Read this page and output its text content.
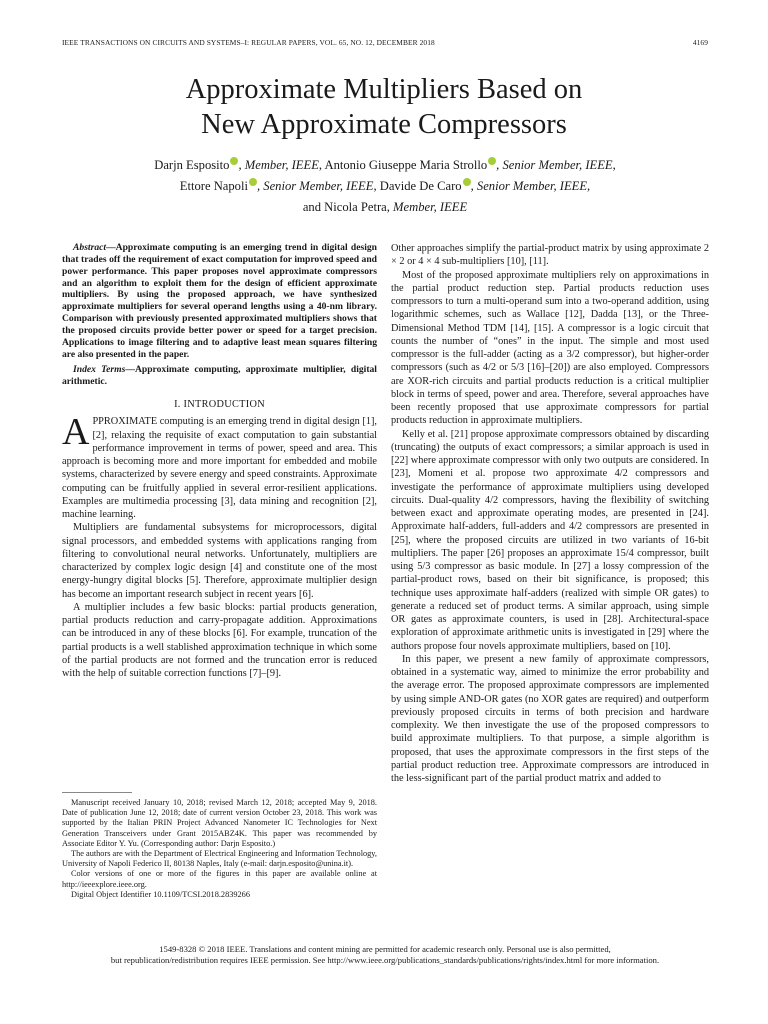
IEEE TRANSACTIONS ON CIRCUITS AND SYSTEMS–I: REGULAR PAPERS, VOL. 65, NO. 12, DECEMBER 2018	4169
Approximate Multipliers Based on
New Approximate Compressors
Darjn Esposito , Member, IEEE, Antonio Giuseppe Maria Strollo , Senior Member, IEEE,
Ettore Napoli , Senior Member, IEEE, Davide De Caro , Senior Member, IEEE,
and Nicola Petra, Member, IEEE

Abstract—Approximate computing is an emerging trend in digital design that trades off the requirement of exact computation for improved speed and power performance. This paper proposes novel approximate compressors and an algorithm to exploit them for the design of efficient approximate multipliers. By using the proposed approach, we have synthesized approximate multipliers for several operand lengths using a 40-nm library. Comparison with previously presented approximated multipliers shows that the proposed circuits provide better power or speed for a target precision. Applications to image filtering and to adaptive least mean squares filtering are also presented in the paper.

Index Terms—Approximate computing, approximate multiplier, digital arithmetic.

I. INTRODUCTION

APPROXIMATE computing is an emerging trend in digital design [1], [2], relaxing the requisite of exact computation to gain substantial performance improvement in terms of power, speed and area. This approach is becoming more and more important for embedded and mobile systems, characterized by severe energy and speed constraints. Approximate computing can be fruitfully applied in several error-resilient applications. Examples are multimedia processing [3], data mining and recognition [2], machine learning.

Multipliers are fundamental subsystems for microprocessors, digital signal processors, and embedded systems with applications ranging from filtering to convolutional neural networks. Unfortunately, multipliers are characterized by complex logic design [4] and constitute one of the most energy-hungry digital blocks [5]. Therefore, approximate multiplier design has become an important research subject in recent years [6].

A multiplier includes a few basic blocks: partial products generation, partial products reduction and carry-propagate addition. Approximations can be introduced in any of these blocks [6]. For example, truncation of the partial products is a well stablished approximation technique in which some of the partial products are not formed and the truncation error is reduced with the help of suitable correction functions [7]–[9].

Manuscript received January 10, 2018; revised March 12, 2018; accepted May 9, 2018. Date of publication June 12, 2018; date of current version October 23, 2018. This work was supported by the Italian PRIN Project Advanced Nanometer IC Technologies for Next Generation Transceivers under Grant 2015ABZ4K. This paper was recommended by Associate Editor Y. Yu. (Corresponding author: Darjn Esposito.)

The authors are with the Department of Electrical Engineering and Information Technology, University of Napoli Federico II, 80138 Naples, Italy (e-mail: darjn.esposito@unina.it).

Color versions of one or more of the figures in this paper are available online at http://ieeexplore.ieee.org.

Digital Object Identifier 10.1109/TCSI.2018.2839266

Other approaches simplify the partial-product matrix by using approximate 2 × 2 or 4 × 4 sub-multipliers [10], [11].

Most of the proposed approximate multipliers rely on approximations in the partial product reduction step. Partial products reduction uses compressors to turn a multi-operand sum into a two-operand addition, using logarithmic schemes, such as Wallace [12], Dadda [13], or the Three-Dimensional Method TDM [14], [15]. A compressor is a logic circuit that counts the number of “ones” in the input. The simple and most used compressor is the full-adder (acting as a 3/2 compressor), but higher-order compressors (such as 4/2 or 5/3 [16]–[20]) are also employed. Compressors are XOR-rich circuits and partial products reduction is a critical multiplier block in terms of speed, power and area. Therefore, several approaches have been recently proposed that use approximate compressors for partial products reduction in approximate multipliers.

Kelly et al. [21] propose approximate compressors obtained by discarding (truncating) the outputs of exact compressors; a similar approach is used in [22] where approximate compressor with only two outputs are considered. In [23], Momeni et al. propose two approximate 4/2 compressors and investigate the performance of approximate multipliers using developed circuits. Dual-quality 4/2 compressors, having the flexibility of switching between exact and approximate operating modes, are presented in [24]. Approximate half-adders, full-adders and 4/2 compressors are presented in [25], where the proposed circuits are utilized in two variants of 16-bit multipliers. The paper [26] proposes an approximate 15/4 compressor, built using 5/3 compressor as basic module. In [27] a lossy compression of the partial-product rows, based on their bit significance, is proposed; this technique uses approximate half-adders (realized with simple OR gates) to generate a reduced set of product terms. A similar approach, using simple OR gates as approximate counters, is used in [28]. Architectural-space exploration of approximate arithmetic units is investigated in [29] where the authors propose four novels approximate multipliers, based on [10].

In this paper, we present a new family of approximate compressors, obtained in a systematic way, aimed to minimize the error probability and the average error. The proposed approximate compressors are implemented by using simple AND-OR gates (no XOR gates are required) and outperform previously proposed circuits in terms of both precision and hardware complexity. We then investigate the use of the proposed compressors to build approximate multipliers. To that purpose, a simple algorithm is proposed, that uses the approximate compressors in the first steps of the partial product reduction tree. Approximate compressors are introduced in the less-significant part of the partial product matrix and added to

1549-8328 © 2018 IEEE. Translations and content mining are permitted for academic research only. Personal use is also permitted,
but republication/redistribution requires IEEE permission. See http://www.ieee.org/publications_standards/publications/rights/index.html for more information.
